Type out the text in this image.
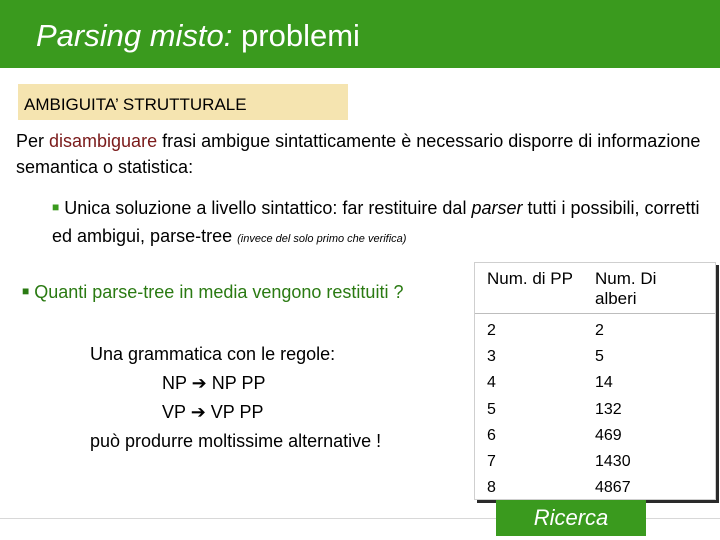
Parsing misto: problemi
AMBIGUITA’ STRUTTURALE
Per disambiguare frasi ambigue sintatticamente è necessario disporre di informazione semantica o statistica:
■ Unica soluzione a livello sintattico: far restituire dal parser tutti i possibili, corretti ed ambigui, parse-tree (invece del solo primo che verifica)
■ Quanti parse-tree in media vengono restituiti ?
Una grammatica con le regole:
NP ➔ NP PP
VP ➔ VP PP
può produrre moltissime alternative !
Num. di PP Num. Di alberi
2
3
4
5
6
7
8
2
5
14
132
469
1430
4867
Ricerca
